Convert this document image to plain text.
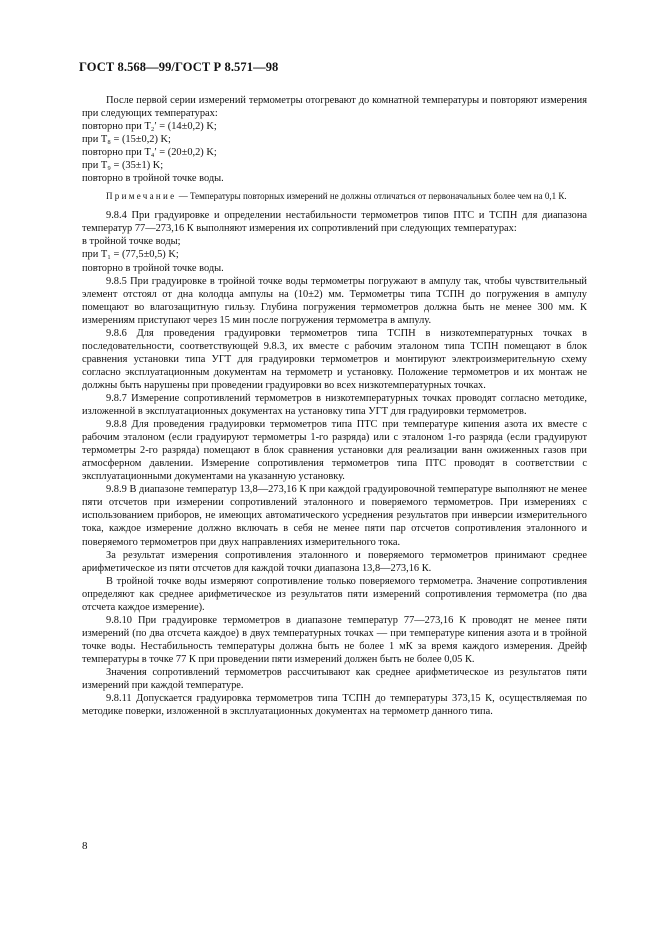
ГОСТ 8.568—99/ГОСТ Р 8.571—98

После первой серии измерений термометры отогревают до комнатной температуры и повторяют измерения при следующих температурах:

повторно при T₂′ = (14±0,2) K;

при T₈ = (15±0,2) K;

повторно при T₄′ = (20±0,2) K;

при T₉ = (35±1) K;

повторно в тройной точке воды.

Примечание — Температуры повторных измерений не должны отличаться от первоначальных более чем на 0,1 К.

9.8.4 При градуировке и определении нестабильности термометров типов ПТС и ТСПН для диапазона температур 77—273,16 К выполняют измерения их сопротивлений при следующих температурах:

в тройной точке воды;

при T₁ = (77,5±0,5) K;

повторно в тройной точке воды.

9.8.5 При градуировке в тройной точке воды термометры погружают в ампулу так, чтобы чувствительный элемент отстоял от дна колодца ампулы на (10±2) мм. Термометры типа ТСПН до погружения в ампулу помещают во влагозащитную гильзу. Глубина погружения термометров должна быть не менее 300 мм. К измерениям приступают через 15 мин после погружения термометра в ампулу.

9.8.6 Для проведения градуировки термометров типа ТСПН в низкотемпературных точках в последовательности, соответствующей 9.8.3, их вместе с рабочим эталоном типа ТСПН помещают в блок сравнения установки типа УГТ для градуировки термометров и монтируют электроизмерительную схему согласно эксплуатационным документам на термометр и установку. Положение термометров и их монтаж не должны быть нарушены при проведении градуировки во всех низкотемпературных точках.

9.8.7 Измерение сопротивлений термометров в низкотемпературных точках проводят согласно методике, изложенной в эксплуатационных документах на установку типа УГТ для градуировки термометров.

9.8.8 Для проведения градуировки термометров типа ПТС при температуре кипения азота их вместе с рабочим эталоном (если градуируют термометры 1-го разряда) или с эталоном 1-го разряда (если градуируют термометры 2-го разряда) помещают в блок сравнения установки для реализации ванн ожиженных газов при атмосферном давлении. Измерение сопротивления термометров типа ПТС проводят в соответствии с эксплуатационными документами на указанную установку.

9.8.9 В диапазоне температур 13,8—273,16 К при каждой градуировочной температуре выполняют не менее пяти отсчетов при измерении сопротивлений эталонного и поверяемого термометров. При измерениях с использованием приборов, не имеющих автоматического усреднения результатов при инверсии измерительного тока, каждое измерение должно включать в себя не менее пяти пар отсчетов сопротивления эталонного и поверяемого термометров при двух направлениях измерительного тока.

За результат измерения сопротивления эталонного и поверяемого термометров принимают среднее арифметическое из пяти отсчетов для каждой точки диапазона 13,8—273,16 К.

В тройной точке воды измеряют сопротивление только поверяемого термометра. Значение сопротивления определяют как среднее арифметическое из результатов пяти измерений сопротивления термометра (по два отсчета каждое измерение).

9.8.10 При градуировке термометров в диапазоне температур 77—273,16 К проводят не менее пяти измерений (по два отсчета каждое) в двух температурных точках — при температуре кипения азота и в тройной точке воды. Нестабильность температуры должна быть не более 1 мК за время каждого измерения. Дрейф температуры в точке 77 К при проведении пяти измерений должен быть не более 0,05 К.

Значения сопротивлений термометров рассчитывают как среднее арифметическое из результатов пяти измерений при каждой температуре.

9.8.11 Допускается градуировка термометров типа ТСПН до температуры 373,15 К, осуществляемая по методике поверки, изложенной в эксплуатационных документах на термометр данного типа.

8
